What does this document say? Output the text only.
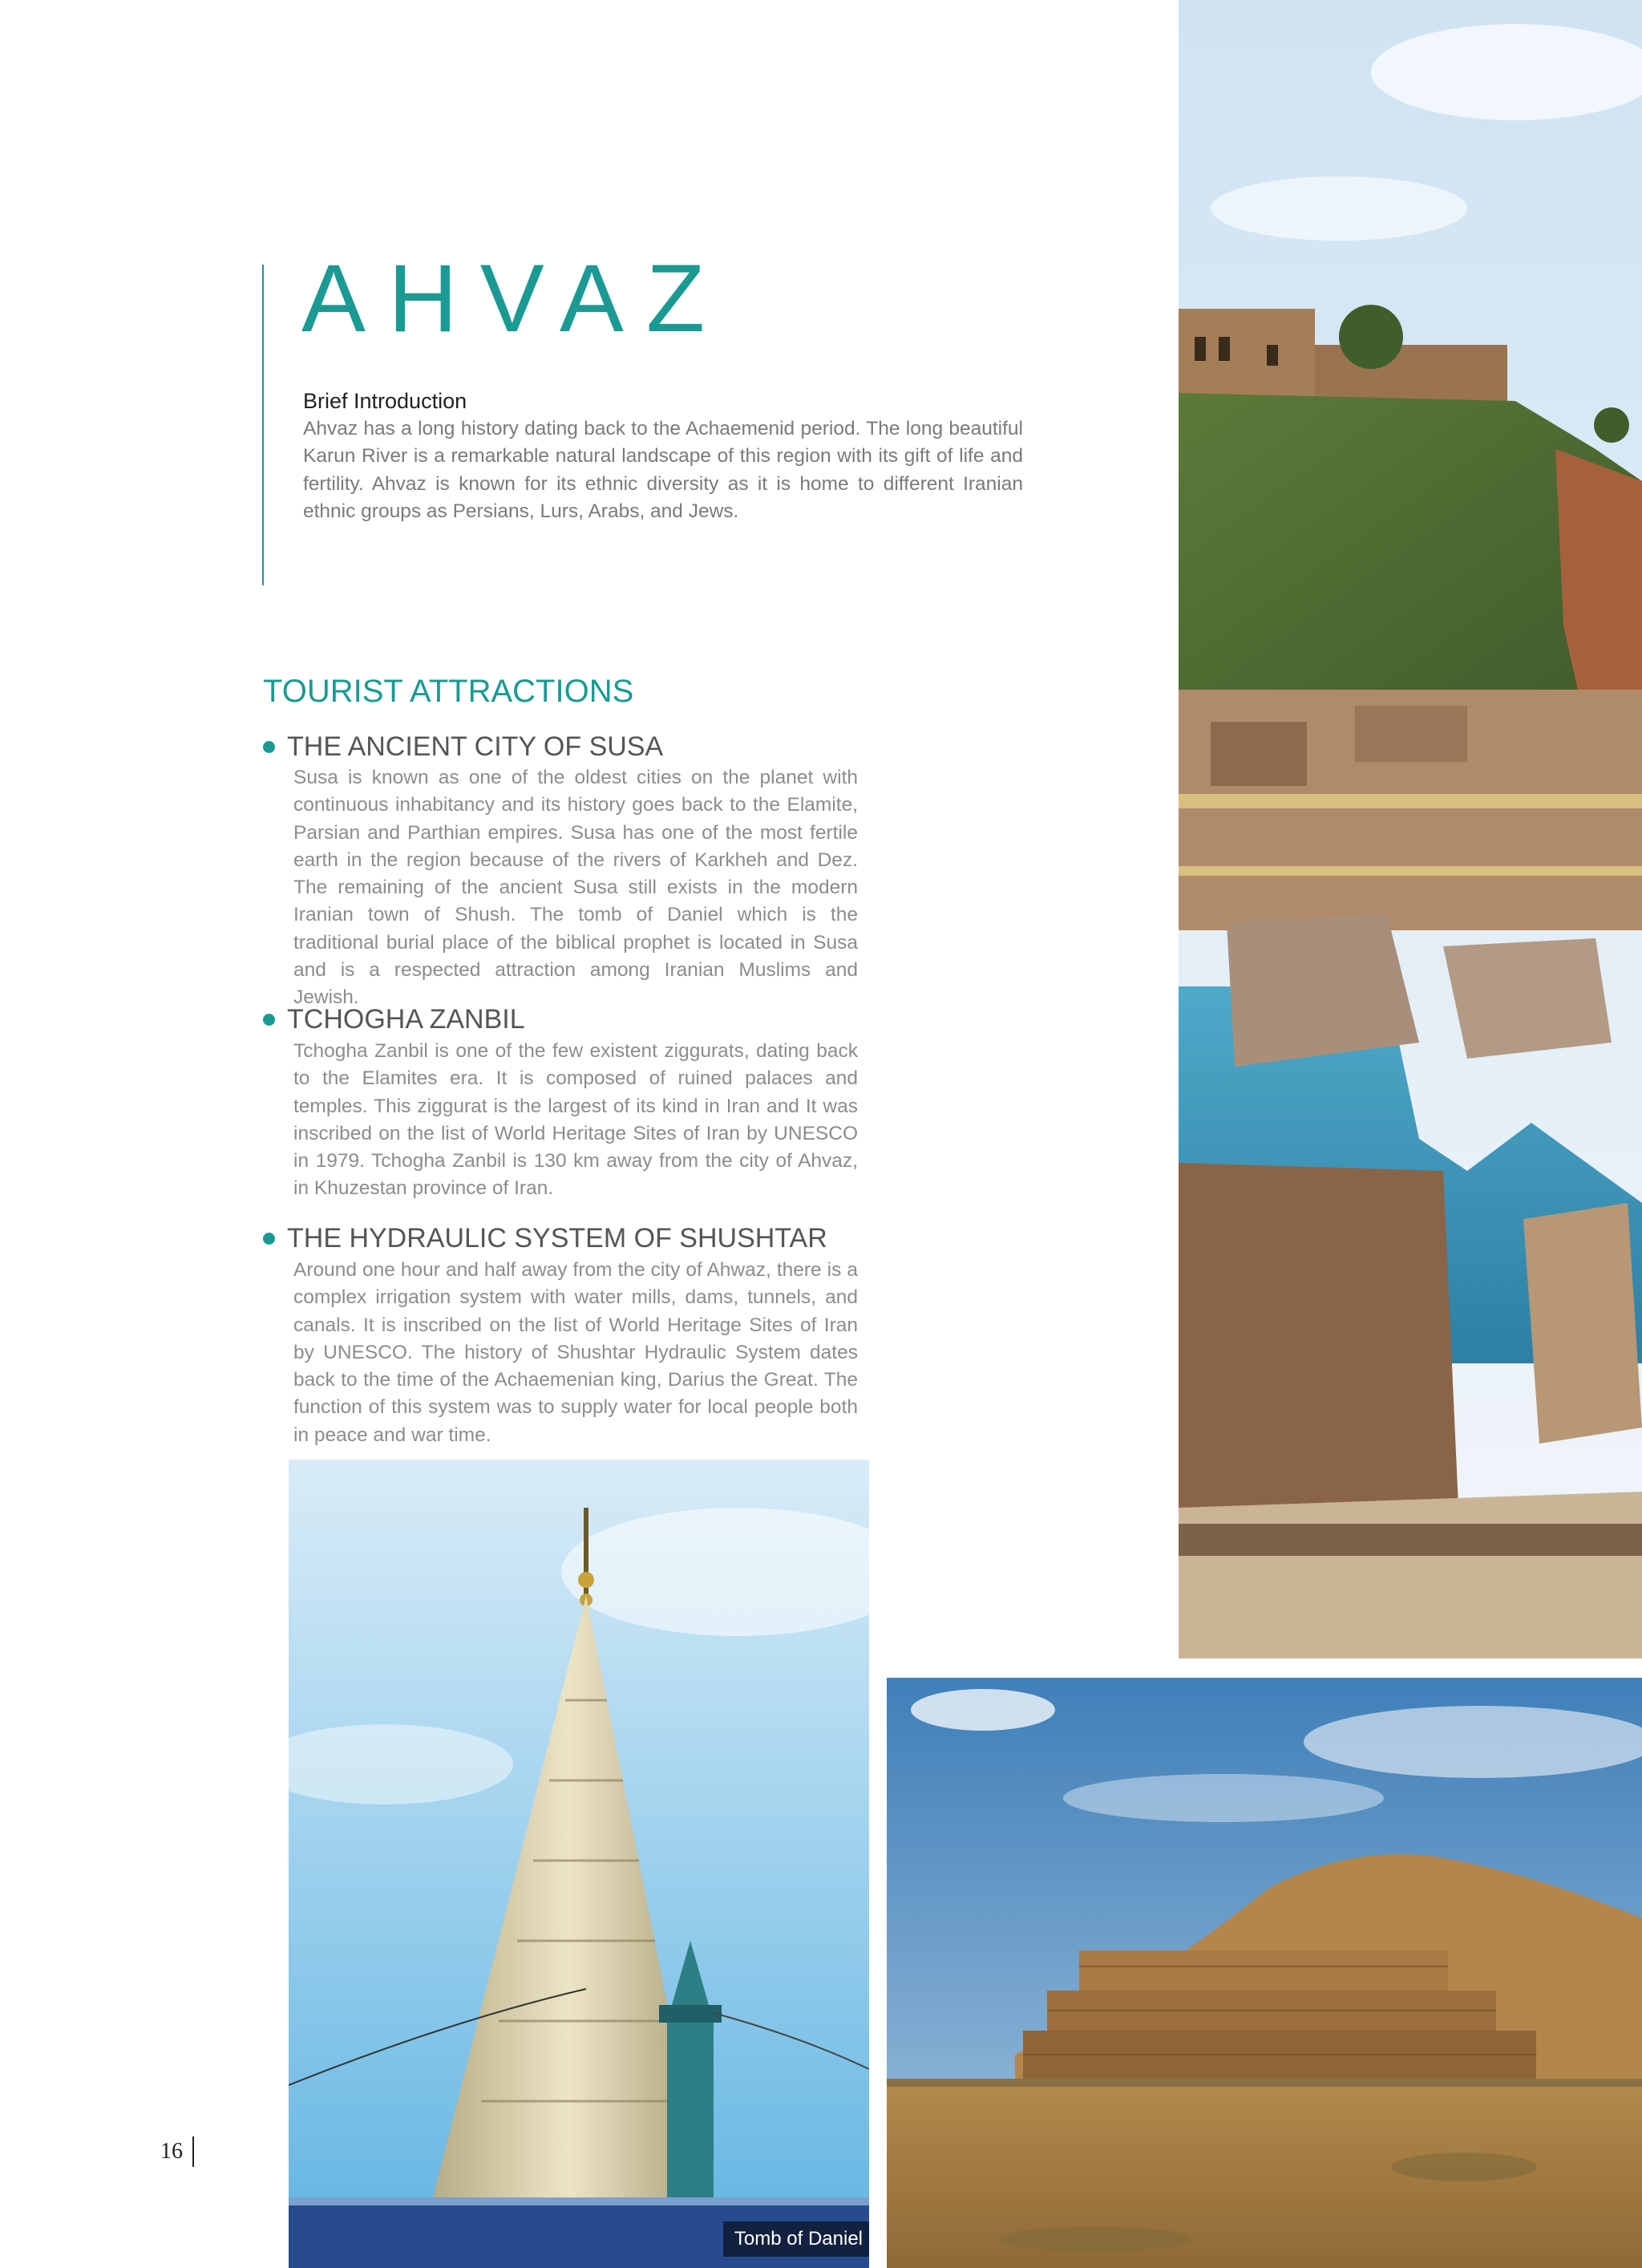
AHVAZ
Brief Introduction

Ahvaz has a long history dating back to the Achaemenid period. The long beautiful Karun River is a remarkable natural landscape of this region with its gift of life and fertility. Ahvaz is known for its ethnic diversity as it is home to different Iranian ethnic groups as Persians, Lurs, Arabs, and Jews.

TOURIST ATTRACTIONS
THE ANCIENT CITY OF SUSA

Susa is known as one of the oldest cities on the planet with continuous inhabitancy and its history goes back to the Elamite, Parsian and Parthian empires. Susa has one of the most fertile earth in the region because of the rivers of Karkheh and Dez. The remaining of the ancient Susa still exists in the modern Iranian town of Shush. The tomb of Daniel which is the traditional burial place of the biblical prophet is located in Susa and is a respected attraction among Iranian Muslims and Jewish.

TCHOGHA ZANBIL

Tchogha Zanbil is one of the few existent ziggurats, dating back to the Elamites era. It is composed of ruined palaces and temples. This ziggurat is the largest of its kind in Iran and It was inscribed on the list of World Heritage Sites of Iran by UNESCO in 1979. Tchogha Zanbil is 130 km away from the city of Ahvaz, in Khuzestan province of Iran.

THE HYDRAULIC SYSTEM OF SHUSHTAR

Around one hour and half away from the city of Ahwaz, there is a complex irrigation system with water mills, dams, tunnels, and canals. It is inscribed on the list of World Heritage Sites of Iran by UNESCO. The history of Shushtar Hydraulic System dates back to the time of the Achaemenian king, Darius the Great. The function of this system was to supply water for local people both in peace and war time.

Tomb of Daniel
16
